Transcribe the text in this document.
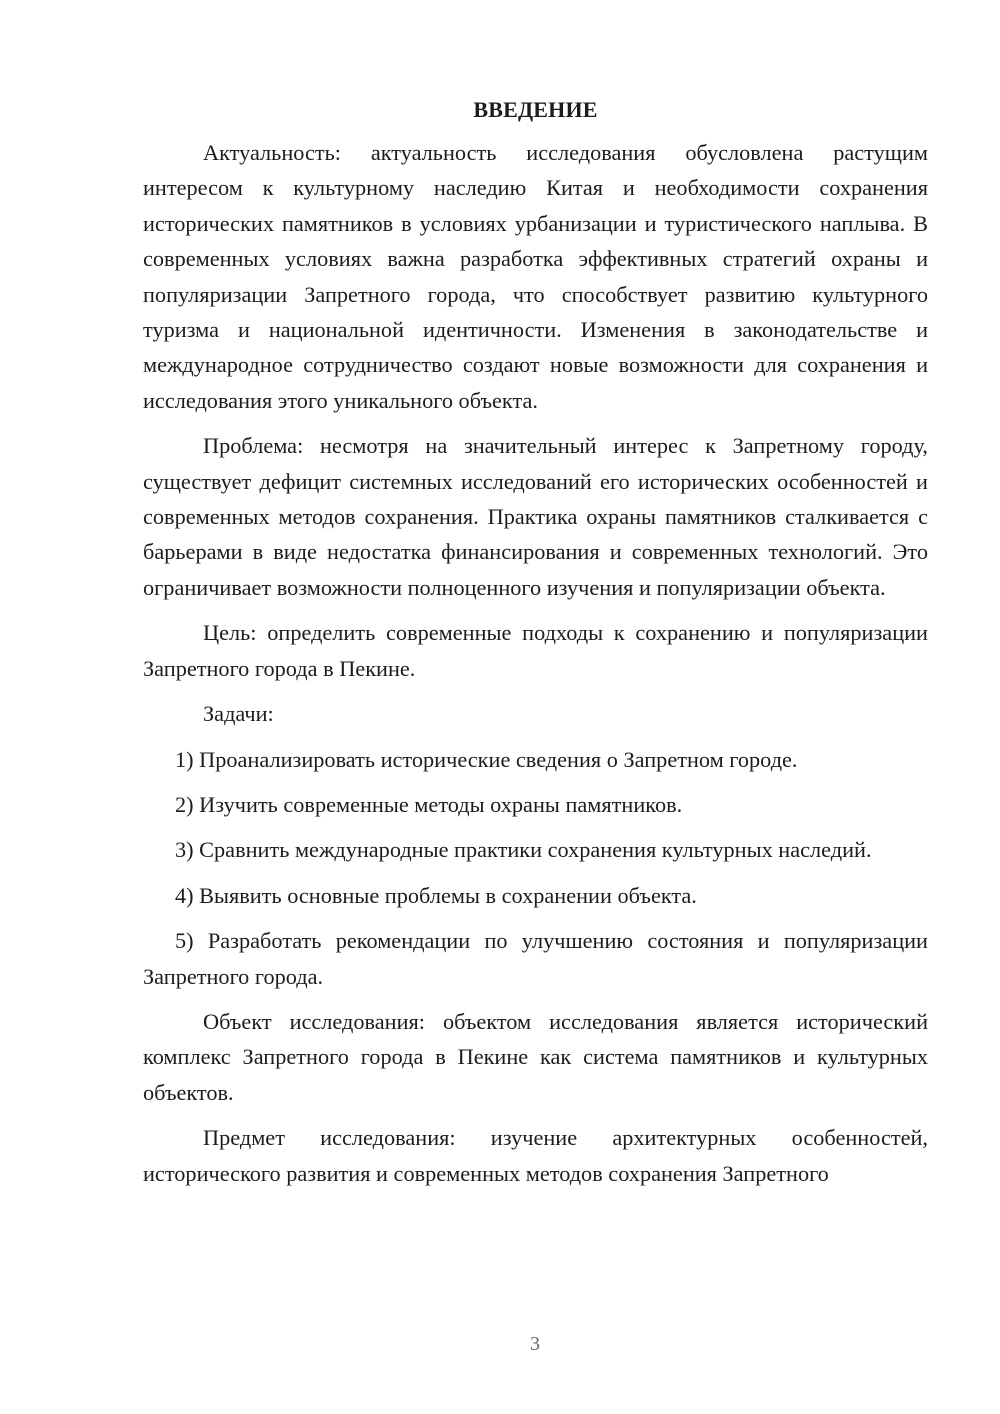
ВВЕДЕНИЕ

Актуальность: актуальность исследования обусловлена растущим интересом к культурному наследию Китая и необходимости сохранения исторических памятников в условиях урбанизации и туристического наплыва. В современных условиях важна разработка эффективных стратегий охраны и популяризации Запретного города, что способствует развитию культурного туризма и национальной идентичности. Изменения в законодательстве и международное сотрудничество создают новые возможности для сохранения и исследования этого уникального объекта.

Проблема: несмотря на значительный интерес к Запретному городу, существует дефицит системных исследований его исторических особенностей и современных методов сохранения. Практика охраны памятников сталкивается с барьерами в виде недостатка финансирования и современных технологий. Это ограничивает возможности полноценного изучения и популяризации объекта.

Цель: определить современные подходы к сохранению и популяризации Запретного города в Пекине.

Задачи:

1) Проанализировать исторические сведения о Запретном городе.

2) Изучить современные методы охраны памятников.

3) Сравнить международные практики сохранения культурных наследий.

4) Выявить основные проблемы в сохранении объекта.

5) Разработать рекомендации по улучшению состояния и популяризации Запретного города.

Объект исследования: объектом исследования является исторический комплекс Запретного города в Пекине как система памятников и культурных объектов.

Предмет исследования: изучение архитектурных особенностей, исторического развития и современных методов сохранения Запретного

3
